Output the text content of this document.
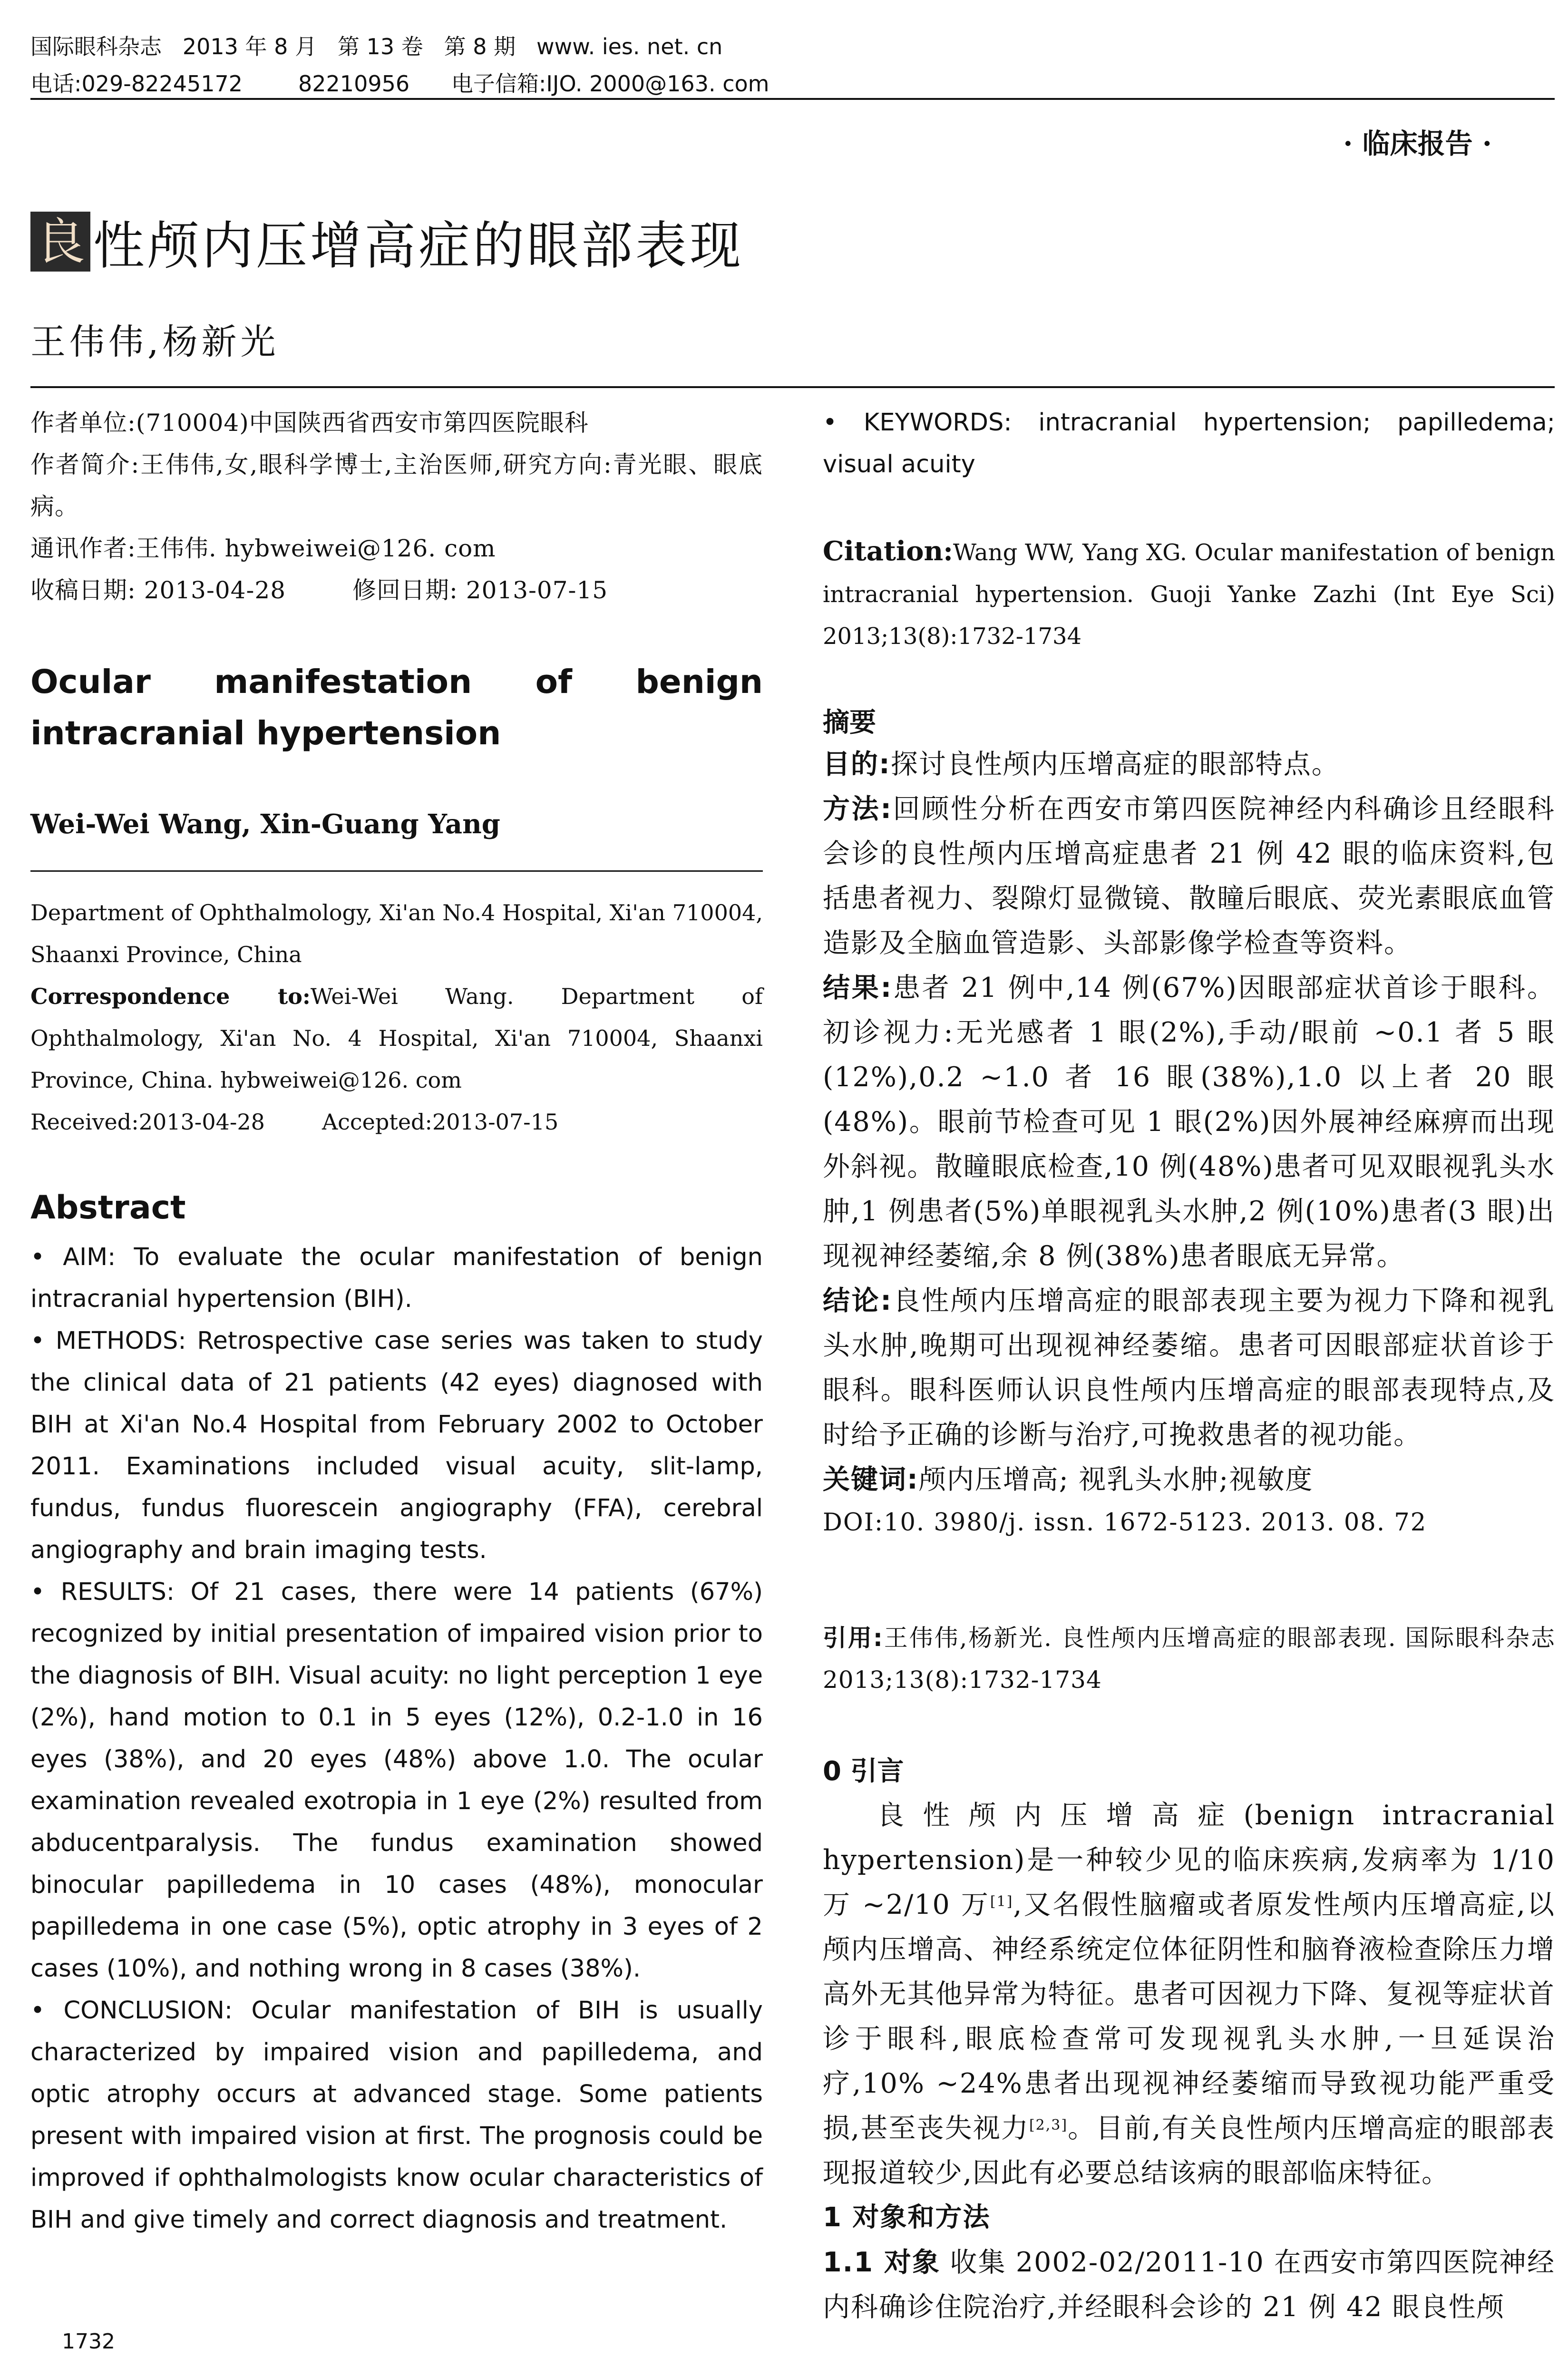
国际眼科杂志   2013 年 8 月   第 13 卷   第 8 期   www. ies. net. cn
电话:029-82245172        82210956      电子信箱:IJO. 2000@163. com
· 临床报告 ·
良 性颅内压增高症的眼部表现
王伟伟,杨新光
作者单位:(710004)中国陕西省西安市第四医院眼科
作者简介:王伟伟,女,眼科学博士,主治医师,研究方向:青光眼、眼底病。
通讯作者:王伟伟. hybweiwei@126. com
收稿日期: 2013-04-28	修回日期: 2013-07-15
Ocular manifestation of benign
intracranial hypertension
Wei-Wei Wang, Xin-Guang Yang
Department of Ophthalmology, Xi'an No.4 Hospital, Xi'an 710004, Shaanxi Province, China
Correspondence to:Wei-Wei Wang. Department of Ophthalmology, Xi'an No. 4 Hospital, Xi'an 710004, Shaanxi Province, China. hybweiwei@126. com
Received:2013-04-28	Accepted:2013-07-15
Abstract

• AIM: To evaluate the ocular manifestation of benign intracranial hypertension (BIH).

• METHODS: Retrospective case series was taken to study the clinical data of 21 patients (42 eyes) diagnosed with BIH at Xi'an No.4 Hospital from February 2002 to October 2011. Examinations included visual acuity, slit-lamp, fundus, fundus fluorescein angiography (FFA), cerebral angiography and brain imaging tests.

• RESULTS: Of 21 cases, there were 14 patients (67%) recognized by initial presentation of impaired vision prior to the diagnosis of BIH. Visual acuity: no light perception 1 eye (2%), hand motion to 0.1 in 5 eyes (12%), 0.2-1.0 in 16 eyes (38%), and 20 eyes (48%) above 1.0. The ocular examination revealed exotropia in 1 eye (2%) resulted from abducentparalysis. The fundus examination showed binocular papilledema in 10 cases (48%), monocular papilledema in one case (5%), optic atrophy in 3 eyes of 2 cases (10%), and nothing wrong in 8 cases (38%).

• CONCLUSION: Ocular manifestation of BIH is usually characterized by impaired vision and papilledema, and optic atrophy occurs at advanced stage. Some patients present with impaired vision at first. The prognosis could be improved if ophthalmologists know ocular characteristics of BIH and give timely and correct diagnosis and treatment.

1732
• KEYWORDS: intracranial hypertension; papilledema; visual acuity
Citation:Wang WW, Yang XG. Ocular manifestation of benign intracranial hypertension. Guoji Yanke Zazhi (Int Eye Sci) 2013;13(8):1732-1734
摘要

目的:探讨良性颅内压增高症的眼部特点。

方法:回顾性分析在西安市第四医院神经内科确诊且经眼科会诊的良性颅内压增高症患者 21 例 42 眼的临床资料,包括患者视力、裂隙灯显微镜、散瞳后眼底、荧光素眼底血管造影及全脑血管造影、头部影像学检查等资料。

结果:患者 21 例中,14 例(67%)因眼部症状首诊于眼科。初诊视力:无光感者 1 眼(2%),手动/眼前 ~0.1 者 5 眼(12%),0.2 ~1.0 者 16 眼(38%),1.0 以上者 20 眼(48%)。眼前节检查可见 1 眼(2%)因外展神经麻痹而出现外斜视。散瞳眼底检查,10 例(48%)患者可见双眼视乳头水肿,1 例患者(5%)单眼视乳头水肿,2 例(10%)患者(3 眼)出现视神经萎缩,余 8 例(38%)患者眼底无异常。

结论:良性颅内压增高症的眼部表现主要为视力下降和视乳头水肿,晚期可出现视神经萎缩。患者可因眼部症状首诊于眼科。眼科医师认识良性颅内压增高症的眼部表现特点,及时给予正确的诊断与治疗,可挽救患者的视功能。

关键词:颅内压增高; 视乳头水肿;视敏度

DOI:10. 3980/j. issn. 1672-5123. 2013. 08. 72

引用:王伟伟,杨新光. 良性颅内压增高症的眼部表现. 国际眼科杂志 2013;13(8):1732-1734
0 引言

良性颅内压增高症(benign intracranial hypertension)是一种较少见的临床疾病,发病率为 1/10 万 ~2/10 万[1],又名假性脑瘤或者原发性颅内压增高症,以颅内压增高、神经系统定位体征阴性和脑脊液检查除压力增高外无其他异常为特征。患者可因视力下降、复视等症状首诊于眼科,眼底检查常可发现视乳头水肿,一旦延误治疗,10% ~24%患者出现视神经萎缩而导致视功能严重受损,甚至丧失视力[2,3]。目前,有关良性颅内压增高症的眼部表现报道较少,因此有必要总结该病的眼部临床特征。

1 对象和方法

1.1 对象 收集 2002-02/2011-10 在西安市第四医院神经内科确诊住院治疗,并经眼科会诊的 21 例 42 眼良性颅
